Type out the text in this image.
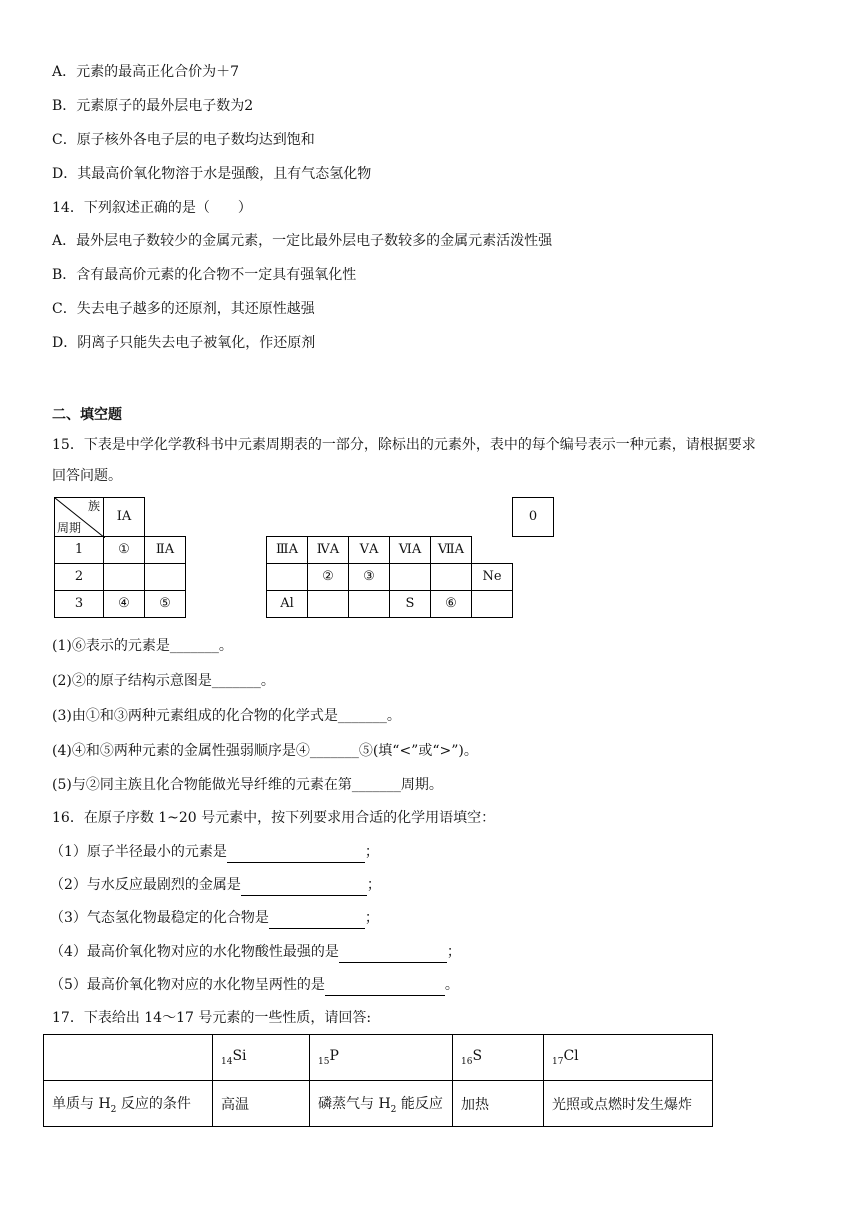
A．元素的最高正化合价为＋7
B．元素原子的最外层电子数为2
C．原子核外各电子层的电子数均达到饱和
D．其最高价氧化物溶于水是强酸，且有气态氢化物
14．下列叙述正确的是（　　）
A．最外层电子数较少的金属元素，一定比最外层电子数较多的金属元素活泼性强
B．含有最高价元素的化合物不一定具有强氧化性
C．失去电子越多的还原剂，其还原性越强
D．阴离子只能失去电子被氧化，作还原剂
二、填空题
15．下表是中学化学教科书中元素周期表的一部分，除标出的元素外，表中的每个编号表示一种元素，请根据要求
回答问题。
族
周期	ⅠA										0
1	①	ⅡA			ⅢA	ⅣA	ⅤA	ⅥA	ⅦA	
2						②	③			Ne	
3	④	⑤			Al			S	⑥		
(1)⑥表示的元素是_______。
(2)②的原子结构示意图是_______。
(3)由①和③两种元素组成的化合物的化学式是_______。
(4)④和⑤两种元素的金属性强弱顺序是④_______⑤(填“<”或“>”)。
(5)与②同主族且化合物能做光导纤维的元素在第_______周期。
16．在原子序数 1~20 号元素中，按下列要求用合适的化学用语填空：
（1）原子半径最小的元素是	；
（2）与水反应最剧烈的金属是	；
（3）气态氢化物最稳定的化合物是	；
（4）最高价氧化物对应的水化物酸性最强的是	；
（5）最高价氧化物对应的水化物呈两性的是	。
17．下表给出 14～17 号元素的一些性质，请回答:
	$_{14}$Si	$_{15}$P	$_{16}$S	$_{17}$Cl
单质与 $H_2$ 反应的条件	高温	磷蒸气与 $H_2$ 能反应	加热	光照或点燃时发生爆炸
